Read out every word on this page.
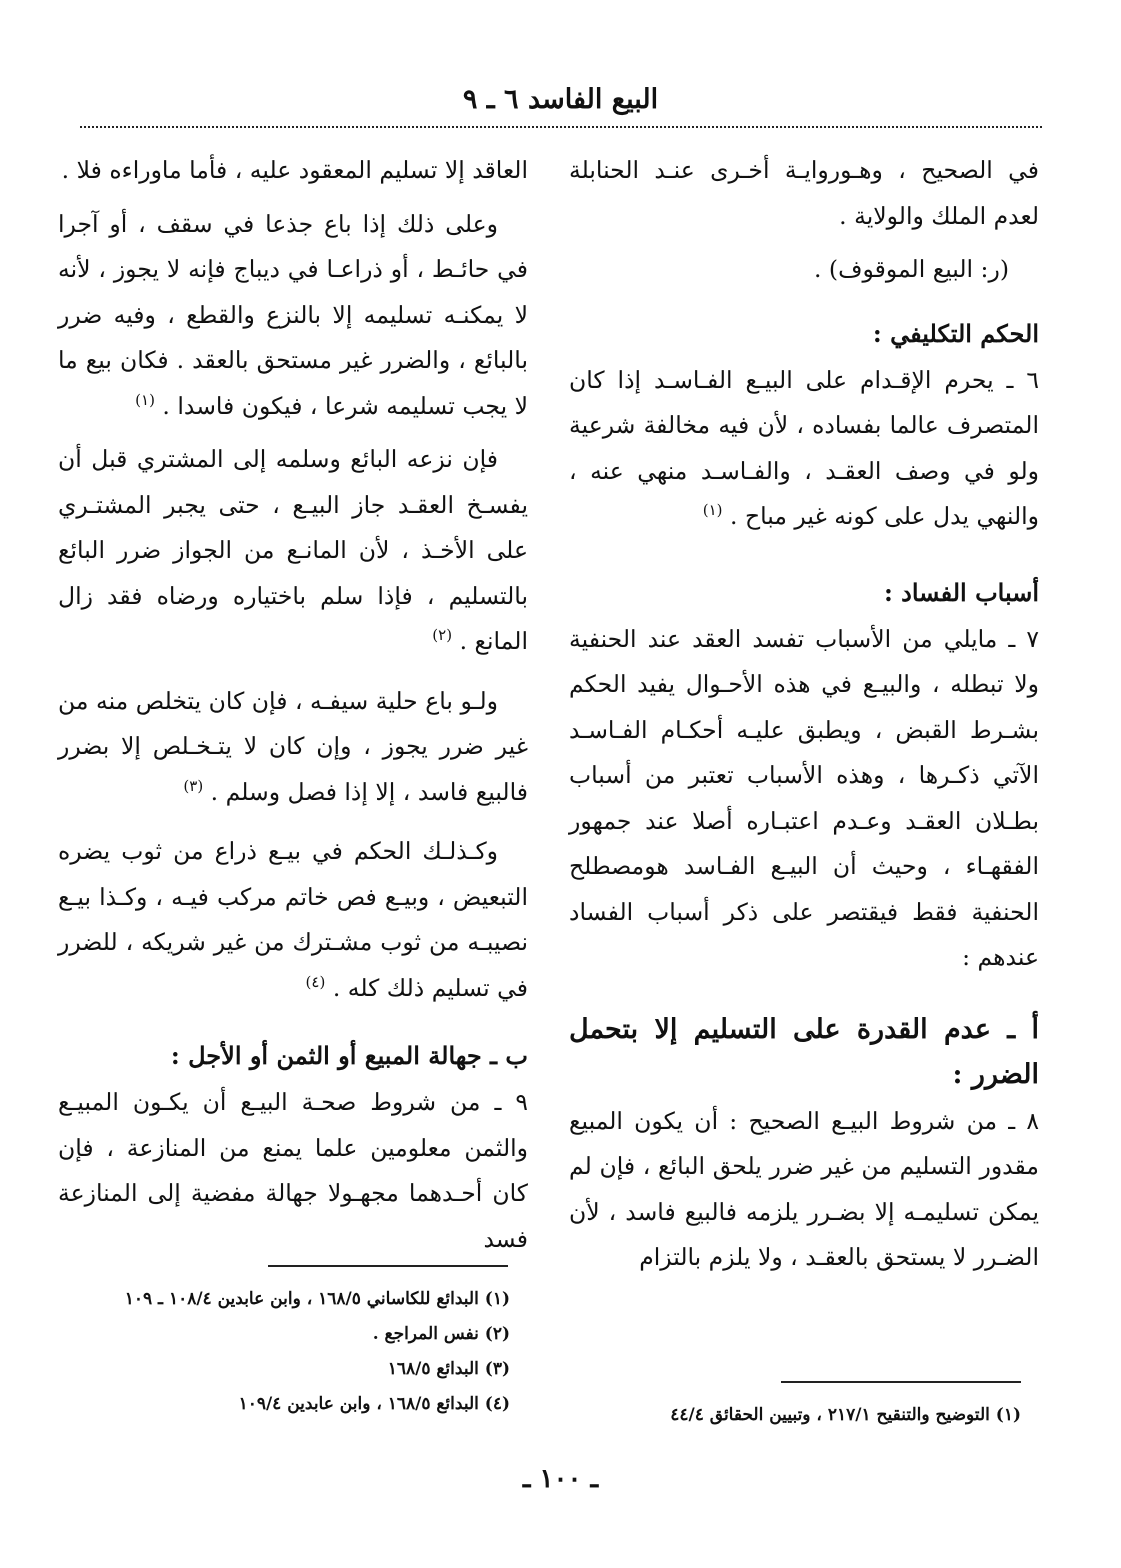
البيع الفاسد ٦ ـ ٩

في الصحيح ، وهـوروايـة أخـرى عنـد الحنابلة لعدم الملك والولاية .

(ر: البيع الموقوف) .

الحكم التكليفي :

٦ ـ يحرم الإقـدام على البيـع الفـاسـد إذا كان المتصرف عالما بفساده ، لأن فيه مخالفة شرعية ولو في وصف العقـد ، والفـاسـد منهي عنه ، والنهي يدل على كونه غير مباح . $^{(١)}$

أسباب الفساد :

٧ ـ مايلي من الأسباب تفسد العقد عند الحنفية ولا تبطله ، والبيـع في هذه الأحـوال يفيد الحكم بشـرط القبض ، ويطبق عليـه أحكـام الفـاسـد الآتي ذكـرها ، وهذه الأسباب تعتبر من أسباب بطـلان العقـد وعـدم اعتبـاره أصلا عند جمهور الفقهـاء ، وحيث أن البيـع الفـاسد هومصطلح الحنفية فقط فيقتصر على ذكر أسباب الفساد عندهم :

أ ـ عدم القدرة على التسليم إلا بتحمل الضرر :

٨ ـ من شروط البيـع الصحيح : أن يكون المبيع مقدور التسليم من غير ضرر يلحق البائع ، فإن لم يمكن تسليمـه إلا بضـرر يلزمه فالبيع فاسد ، لأن الضـرر لا يستحق بالعقـد ، ولا يلزم بالتزام

العاقد إلا تسليم المعقود عليه ، فأما ماوراءه فلا .

وعلى ذلك إذا باع جذعا في سقف ، أو آجرا في حائـط ، أو ذراعـا في ديباج فإنه لا يجوز ، لأنه لا يمكنـه تسليمه إلا بالنزع والقطع ، وفيه ضرر بالبائع ، والضرر غير مستحق بالعقد . فكان بيع ما لا يجب تسليمه شرعا ، فيكون فاسدا . $^{(١)}$

فإن نزعه البائع وسلمه إلى المشتري قبل أن يفسـخ العقـد جاز البيـع ، حتى يجبر المشتـري على الأخـذ ، لأن المانـع من الجواز ضرر البائع بالتسليم ، فإذا سلم باختياره ورضاه فقد زال المانع . $^{(٢)}$

ولـو باع حلية سيفـه ، فإن كان يتخلص منه من غير ضرر يجوز ، وإن كان لا يتـخـلص إلا بضرر فالبيع فاسد ، إلا إذا فصل وسلم . $^{(٣)}$

وكـذلـك الحكم في بيـع ذراع من ثوب يضره التبعيض ، وبيـع فص خاتم مركب فيـه ، وكـذا بيـع نصيبـه من ثوب مشـترك من غير شريكه ، للضرر في تسليم ذلك كله . $^{(٤)}$

ب ـ جهالة المبيع أو الثمن أو الأجل :

٩ ـ من شروط صحـة البيـع أن يكـون المبيـع والثمن معلومين علما يمنع من المنازعة ، فإن كان أحـدهما مجهـولا جهالة مفضية إلى المنازعة فسد

(١) التوضيح والتنقيح ٢١٧/١ ، وتبيين الحقائق ٤٤/٤
(١) البدائع للكاساني ١٦٨/٥ ، وابن عابدين ١٠٨/٤ ـ ١٠٩
(٢) نفس المراجع .
(٣) البدائع ١٦٨/٥
(٤) البدائع ١٦٨/٥ ، وابن عابدين ١٠٩/٤
ـ ١٠٠ ـ
